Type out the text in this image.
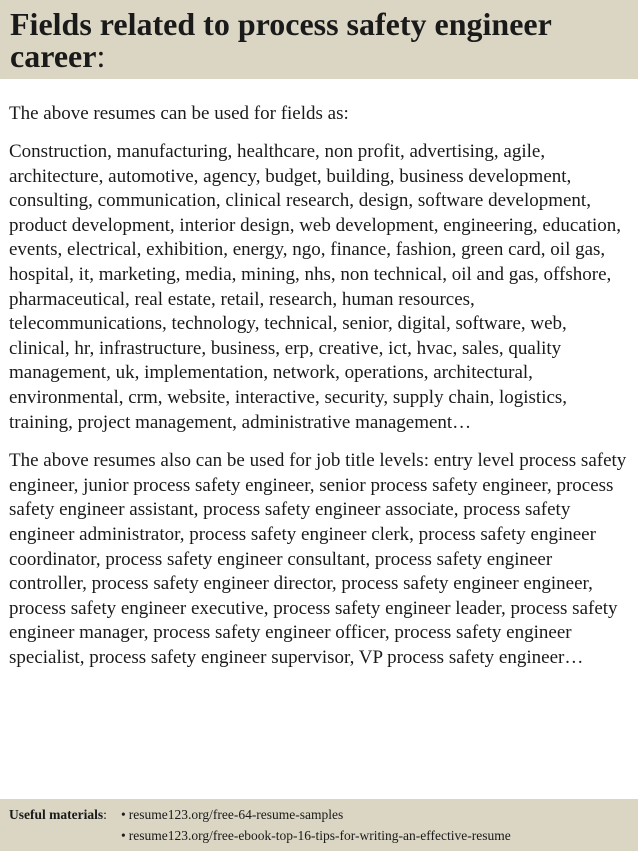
Fields related to process safety engineer career:

The above resumes can be used for fields as:

Construction, manufacturing, healthcare, non profit, advertising, agile, architecture, automotive, agency, budget, building, business development, consulting, communication, clinical research, design, software development, product development, interior design, web development, engineering, education, events, electrical, exhibition, energy, ngo, finance, fashion, green card, oil gas, hospital, it, marketing, media, mining, nhs, non technical, oil and gas, offshore, pharmaceutical, real estate, retail, research, human resources, telecommunications, technology, technical, senior, digital, software, web, clinical, hr, infrastructure, business, erp, creative, ict, hvac, sales, quality management, uk, implementation, network, operations, architectural, environmental, crm, website, interactive, security, supply chain, logistics, training, project management, administrative management…

The above resumes also can be used for job title levels: entry level process safety engineer, junior process safety engineer, senior process safety engineer, process safety engineer assistant, process safety engineer associate, process safety engineer administrator, process safety engineer clerk, process safety engineer coordinator, process safety engineer consultant, process safety engineer controller, process safety engineer director, process safety engineer engineer, process safety engineer executive, process safety engineer leader, process safety engineer manager, process safety engineer officer, process safety engineer specialist, process safety engineer supervisor, VP process safety engineer…

Useful materials:	• resume123.org/free-64-resume-samples
• resume123.org/free-ebook-top-16-tips-for-writing-an-effective-resume
